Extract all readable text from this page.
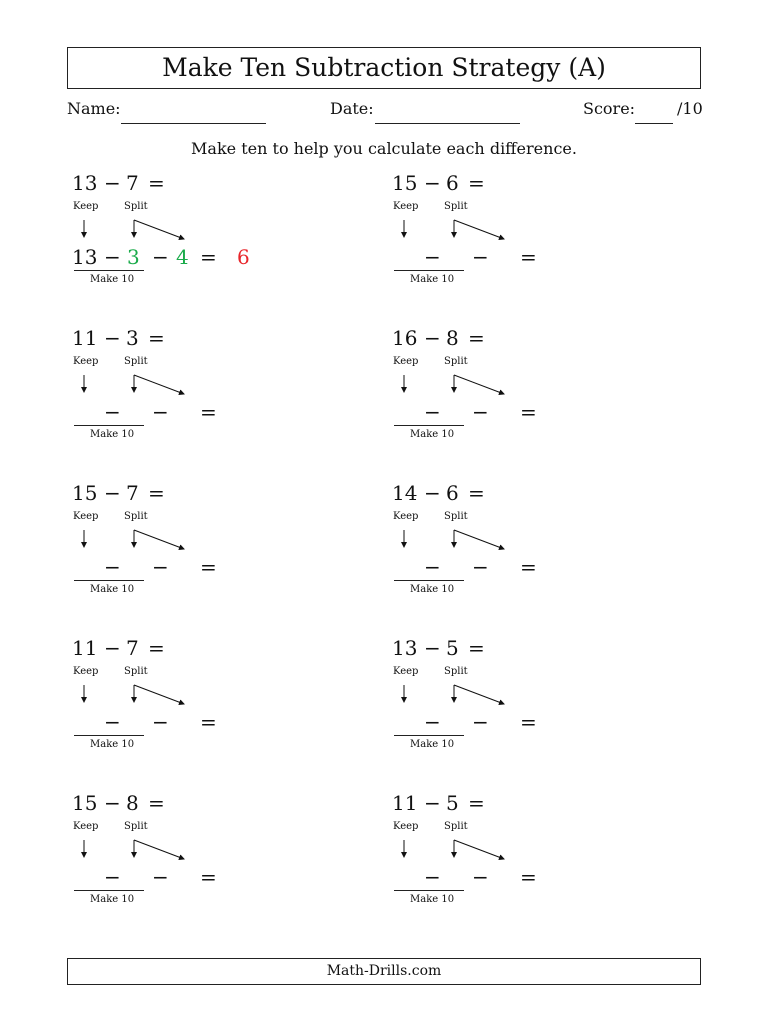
Make Ten Subtraction Strategy (A)
Name:	Date:	Score:	/10
Make ten to help you calculate each difference.
13 − 7 =
Keep	Split
13 − 3 − 4 = 6
Make 10
15 − 6 =
Keep	Split
− − =
Make 10
11 − 3 =
Keep	Split
− − =
Make 10
16 − 8 =
Keep	Split
− − =
Make 10
15 − 7 =
Keep	Split
− − =
Make 10
14 − 6 =
Keep	Split
− − =
Make 10
11 − 7 =
Keep	Split
− − =
Make 10
13 − 5 =
Keep	Split
− − =
Make 10
15 − 8 =
Keep	Split
− − =
Make 10
11 − 5 =
Keep	Split
− − =
Make 10
Math-Drills.com
